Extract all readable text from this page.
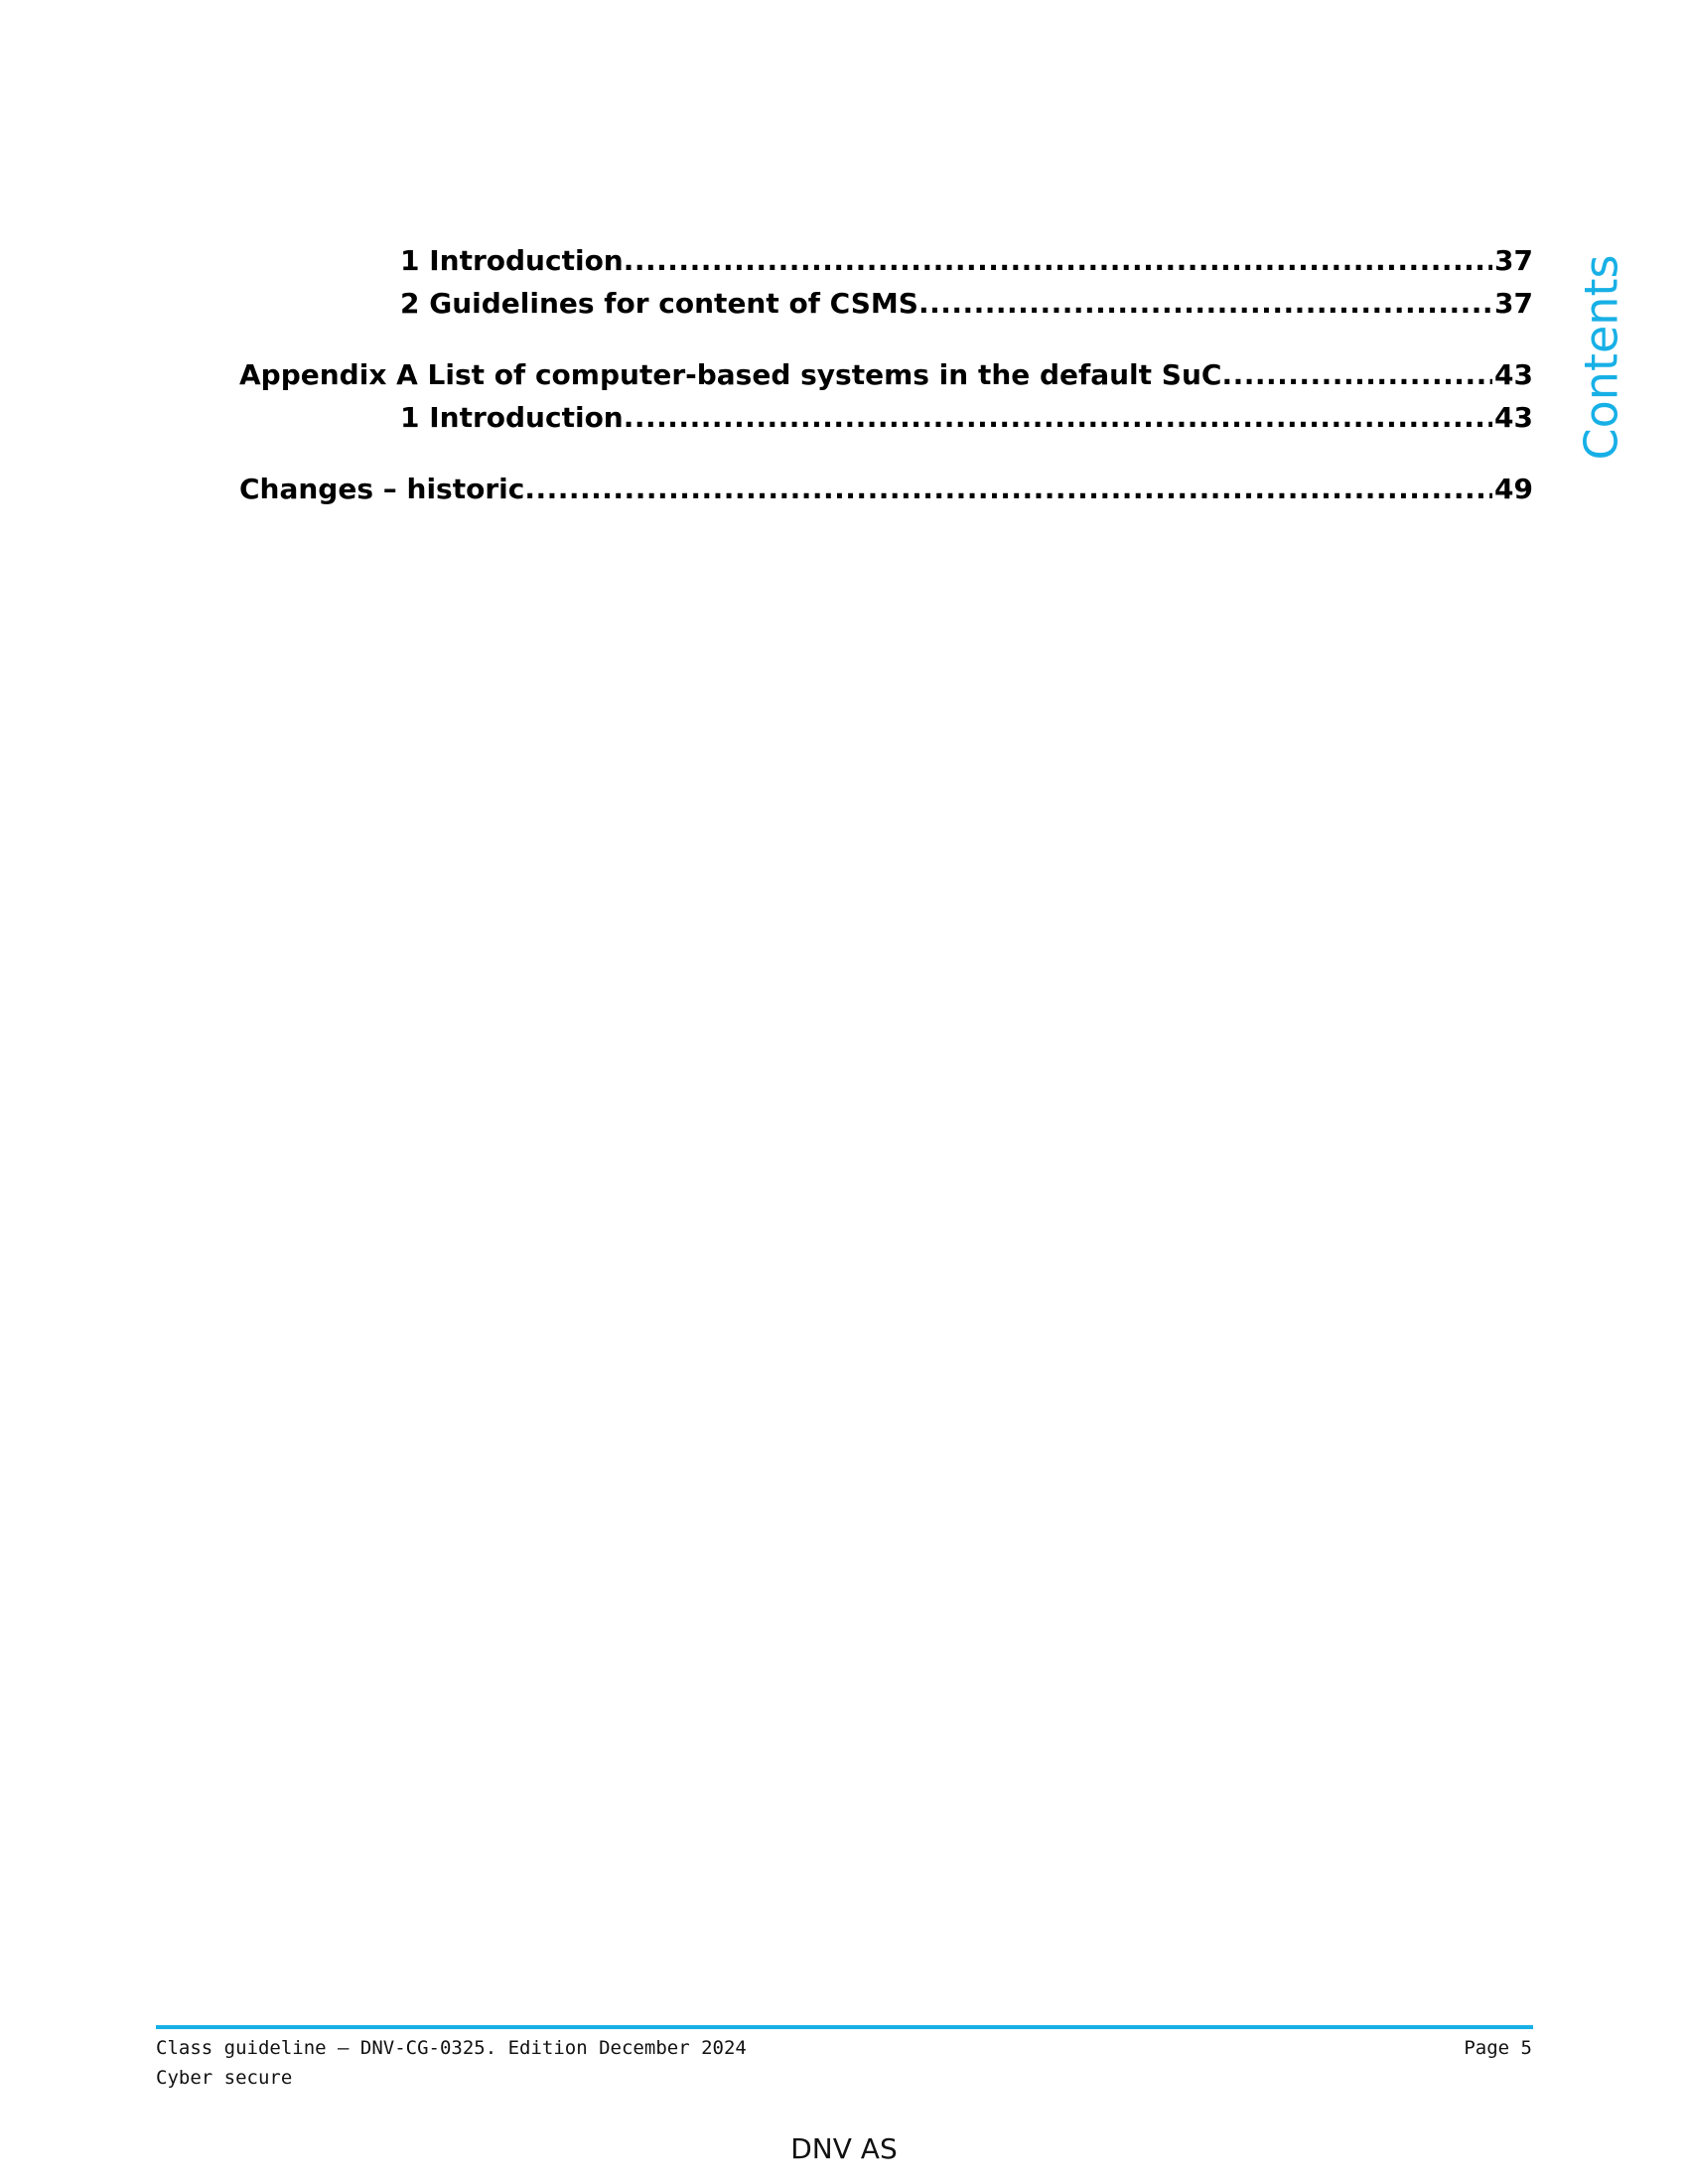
1 Introduction .....	37
2 Guidelines for content of CSMS .....	37
Appendix A List of computer-based systems in the default SuC .....	43
1 Introduction .....	43
Changes – historic .....	49
Contents
Class guideline — DNV-CG-0325. Edition December 2024
Cyber secure
Page 5
DNV AS
